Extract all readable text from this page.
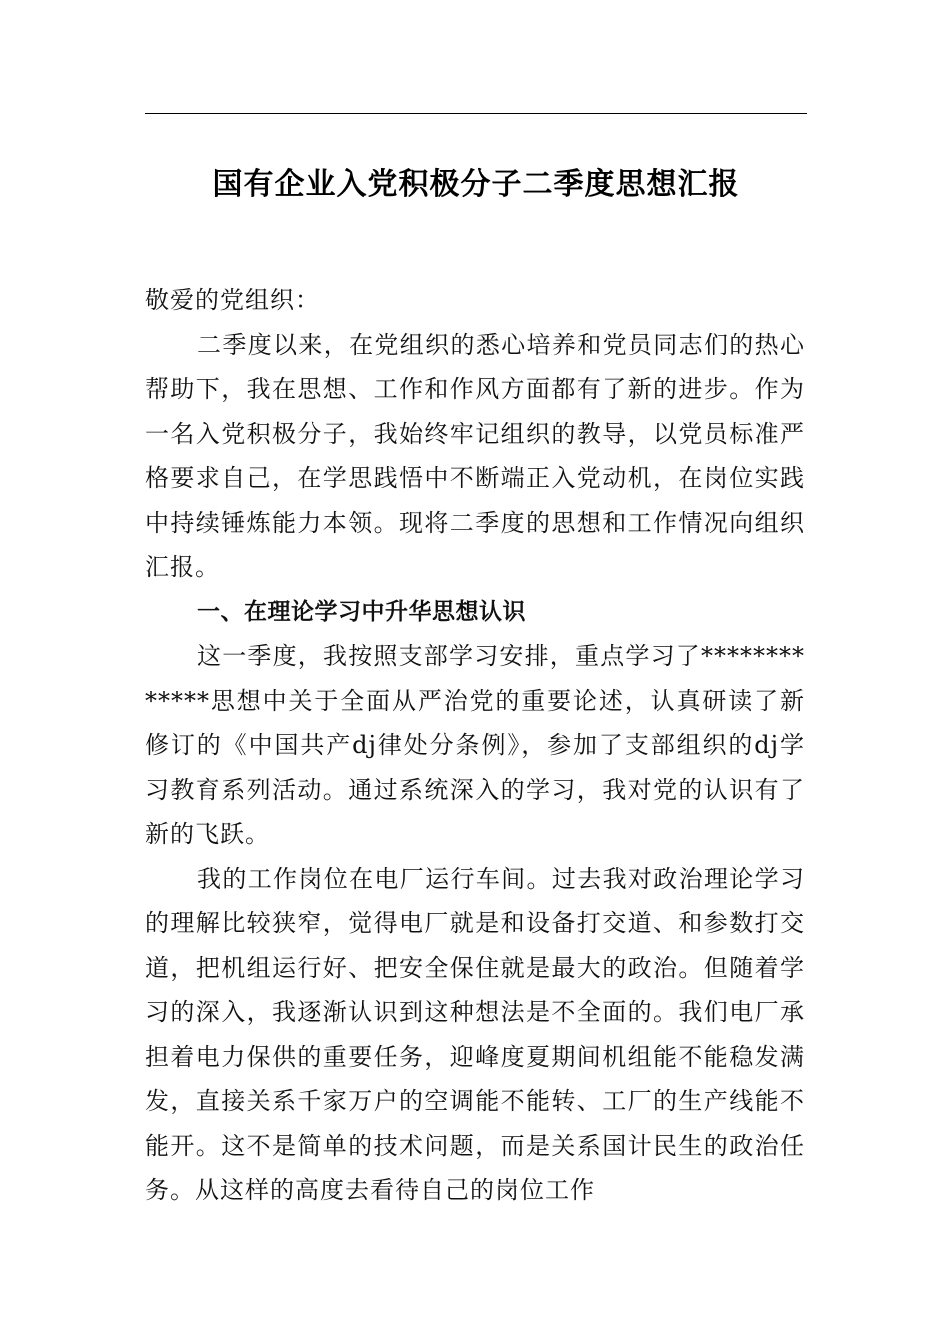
国有企业入党积极分子二季度思想汇报

敬爱的党组织：

二季度以来，在党组织的悉心培养和党员同志们的热心帮助下，我在思想、工作和作风方面都有了新的进步。作为一名入党积极分子，我始终牢记组织的教导，以党员标准严格要求自己，在学思践悟中不断端正入党动机，在岗位实践中持续锤炼能力本领。现将二季度的思想和工作情况向组织汇报。

一、在理论学习中升华思想认识

这一季度，我按照支部学习安排，重点学习了*************思想中关于全面从严治党的重要论述，认真研读了新修订的《中国共产dj律处分条例》，参加了支部组织的dj学习教育系列活动。通过系统深入的学习，我对党的认识有了新的飞跃。

我的工作岗位在电厂运行车间。过去我对政治理论学习的理解比较狭窄，觉得电厂就是和设备打交道、和参数打交道，把机组运行好、把安全保住就是最大的政治。但随着学习的深入，我逐渐认识到这种想法是不全面的。我们电厂承担着电力保供的重要任务，迎峰度夏期间机组能不能稳发满发，直接关系千家万户的空调能不能转、工厂的生产线能不能开。这不是简单的技术问题，而是关系国计民生的政治任务。从这样的高度去看待自己的岗位工作
